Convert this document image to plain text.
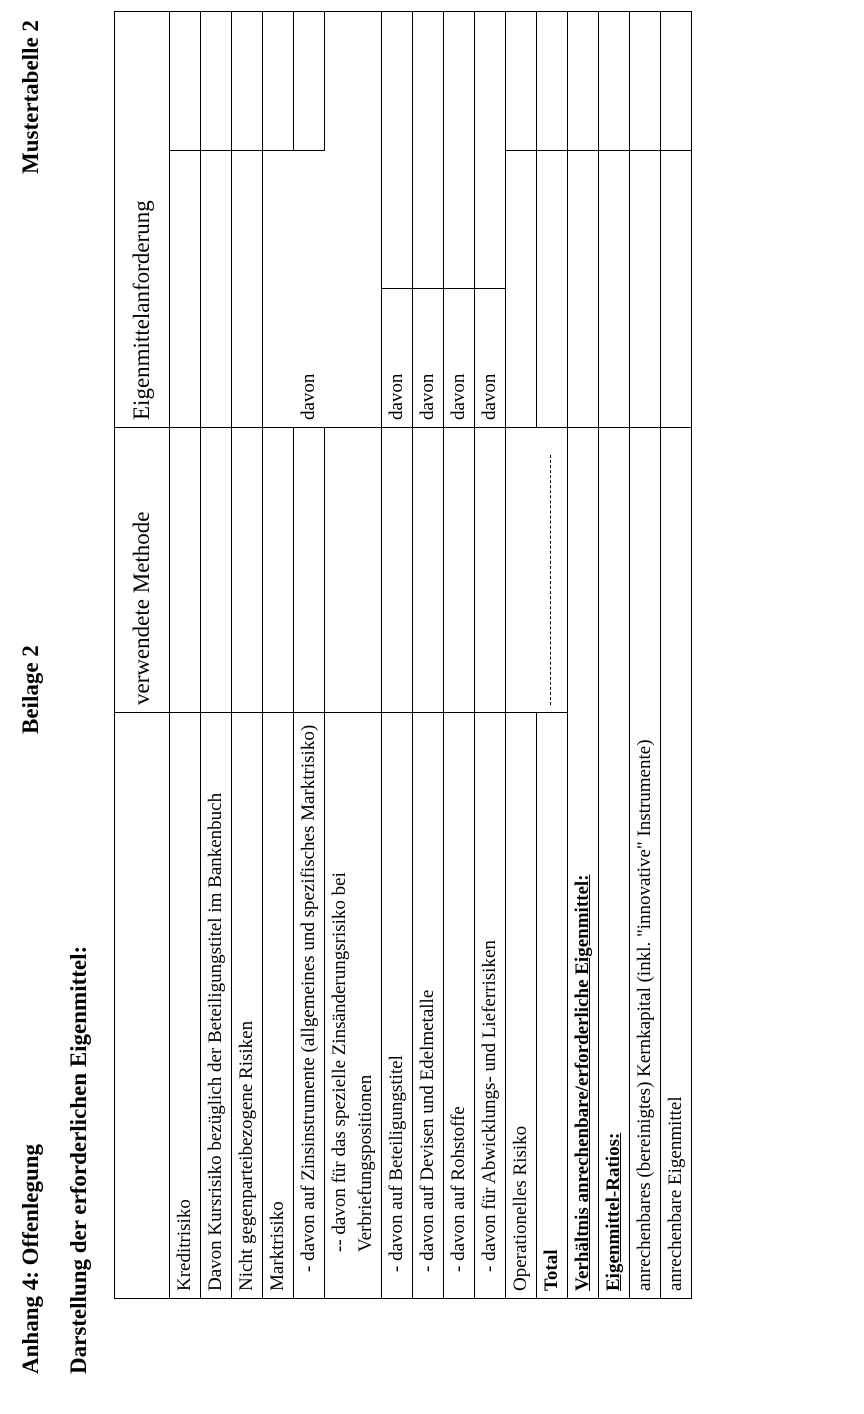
Anhang 4: Offenlegung
Beilage 2
Mustertabelle 2
Darstellung der erforderlichen Eigenmittel:
	verwendete Methode	Eigenmittelanforderung		
Kreditrisiko				
Davon Kursrisiko bezüglich der Beteiligungstitel im Bankenbuch				
Nicht gegenparteibezogene Risiken				
Marktrisiko				
- davon auf Zinsinstrumente (allgemeines und spezifisches Marktrisiko)		davon		
-- davon für das spezielle Zinsänderungsrisiko bei Verbriefungspositionen				
- davon auf Beteiligungstitel		davon		
- davon auf Devisen und Edelmetalle		davon		
- davon auf Rohstoffe		davon		
- davon für Abwicklungs- und Lieferrisiken		davon		
Operationelles Risiko				
Total				
Verhältnis anrechenbare/erforderliche Eigenmittel:				
Eigenmittel-Ratios:				
anrechenbares (bereinigtes) Kernkapital (inkl. "innovative" Instrumente)				
anrechenbare Eigenmittel				
